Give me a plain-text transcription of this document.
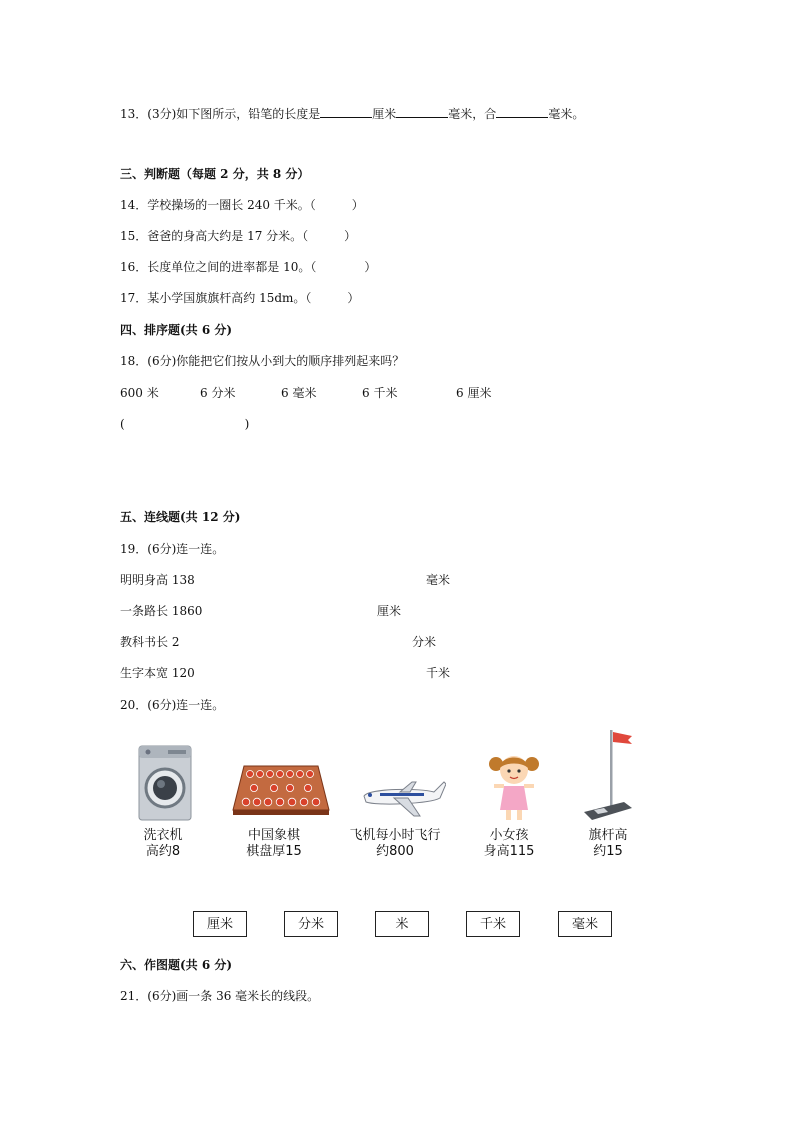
13．(3分)如下图所示，铅笔的长度是	厘米	毫米，合	毫米。
三、判断题（每题 2 分，共 8 分）
14．学校操场的一圈长 240 千米。（　　　）
15．爸爸的身高大约是 17 分米。（　　　）
16．长度单位之间的进率都是 10。（　　　　）
17．某小学国旗旗杆高约 15dm。（　　　）
四、排序题(共 6 分)
18．(6分)你能把它们按从小到大的顺序排列起来吗？
600 米	6 分米	6 毫米	6 千米	6 厘米
(　　　　　　　　　　)
五、连线题(共 12 分)
19．(6分)连一连。
明明身高 138
一条路长 1860
教科书长 2
生字本宽 120
毫米
厘米
分米
千米
20．(6分)连一连。
洗衣机
高约8
中国象棋
棋盘厚15
飞机每小时飞行
约800
小女孩
身高115
旗杆高
约15
厘米	分米	米	千米	毫米
六、作图题(共 6 分)
21．(6分)画一条 36 毫米长的线段。
